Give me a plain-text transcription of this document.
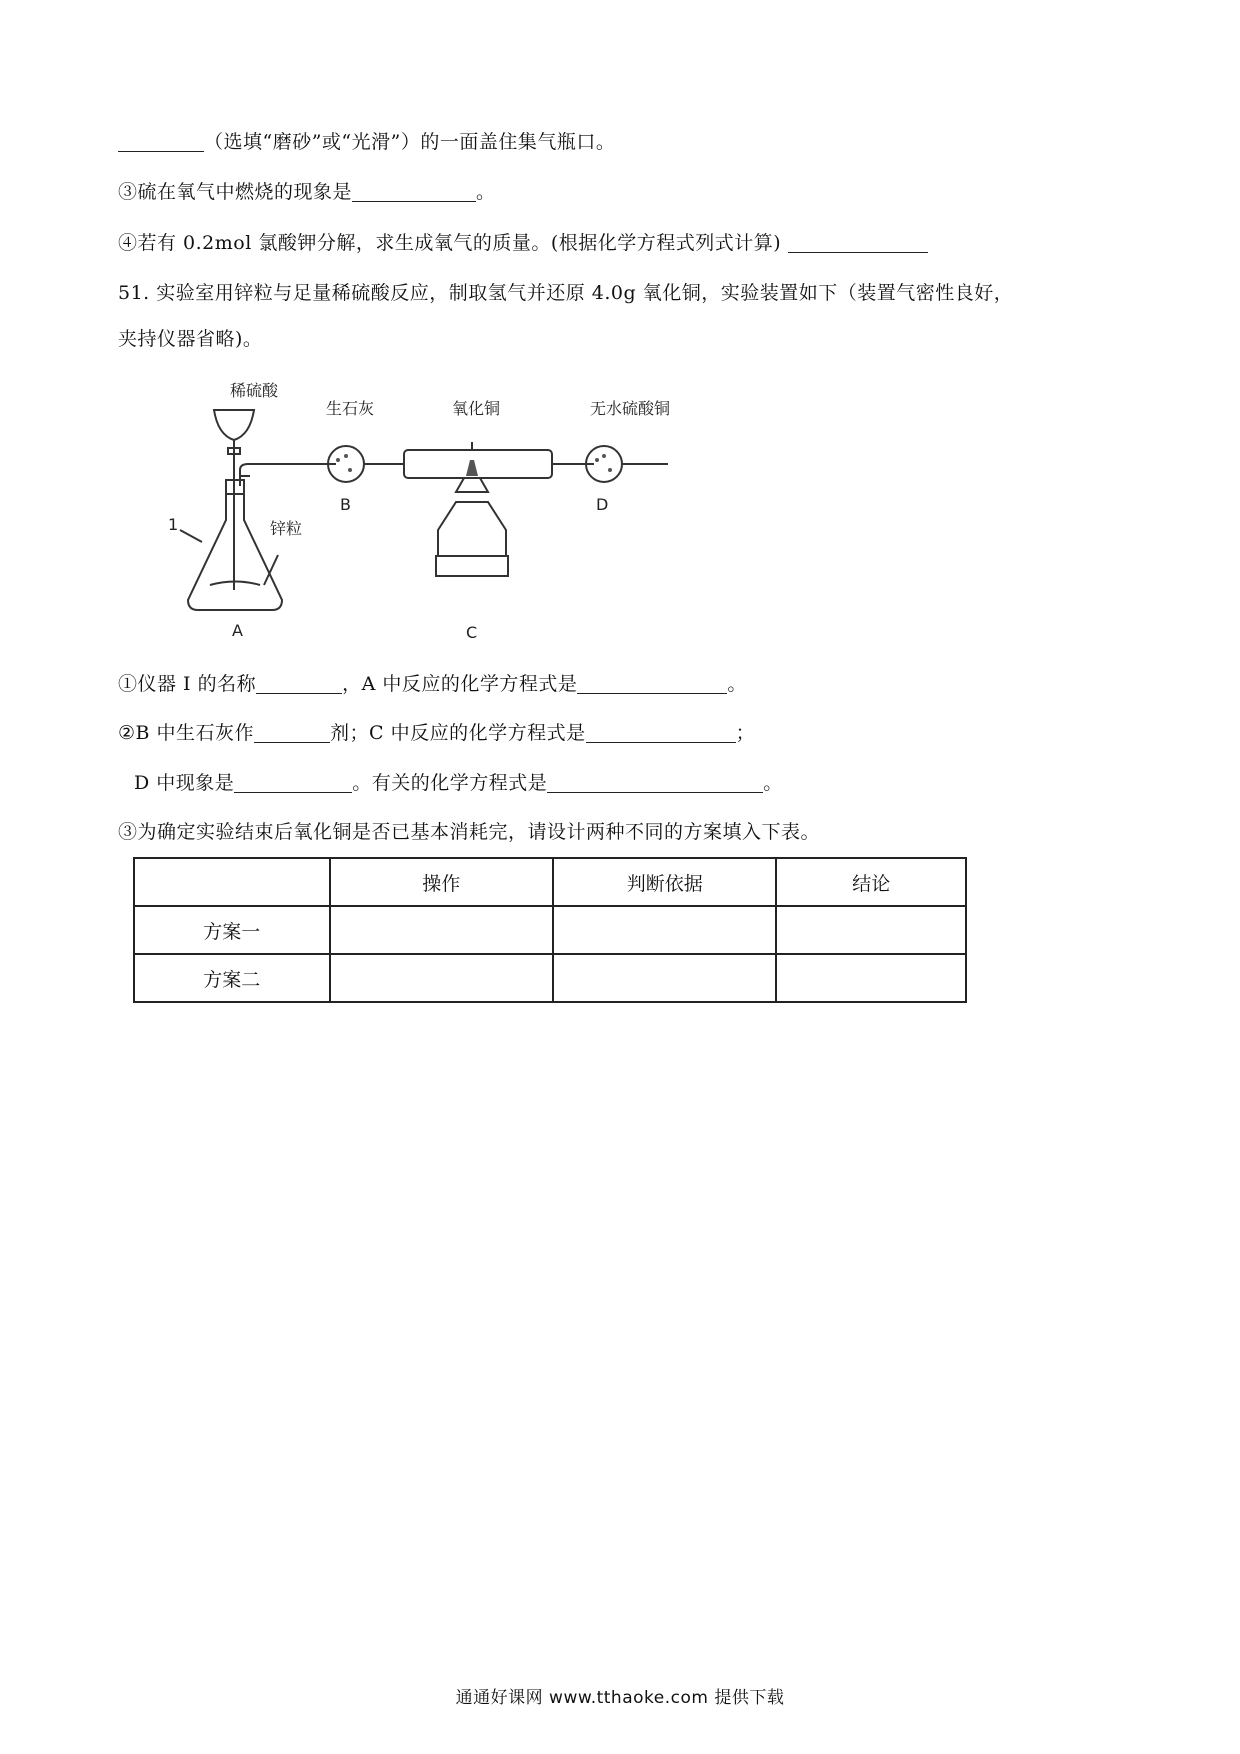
（选填“磨砂”或“光滑”）的一面盖住集气瓶口。
③硫在氧气中燃烧的现象是	。
④若有 0.2mol 氯酸钾分解，求生成氧气的质量。(根据化学方程式列式计算)
51. 实验室用锌粒与足量稀硫酸反应，制取氢气并还原 4.0g 氧化铜，实验装置如下（装置气密性良好，
夹持仪器省略)。
稀硫酸
生石灰	氧化铜	无水硫酸铜
锌粒
1
A
B
C
D
①仪器 I 的名称	，A 中反应的化学方程式是	。
②B 中生石灰作	剂；C 中反应的化学方程式是	；
D 中现象是	。有关的化学方程式是	。
③为确定实验结束后氧化铜是否已基本消耗完，请设计两种不同的方案填入下表。
	操作	判断依据	结论
方案一			
方案二			
通通好课网 www.tthaoke.com 提供下载
